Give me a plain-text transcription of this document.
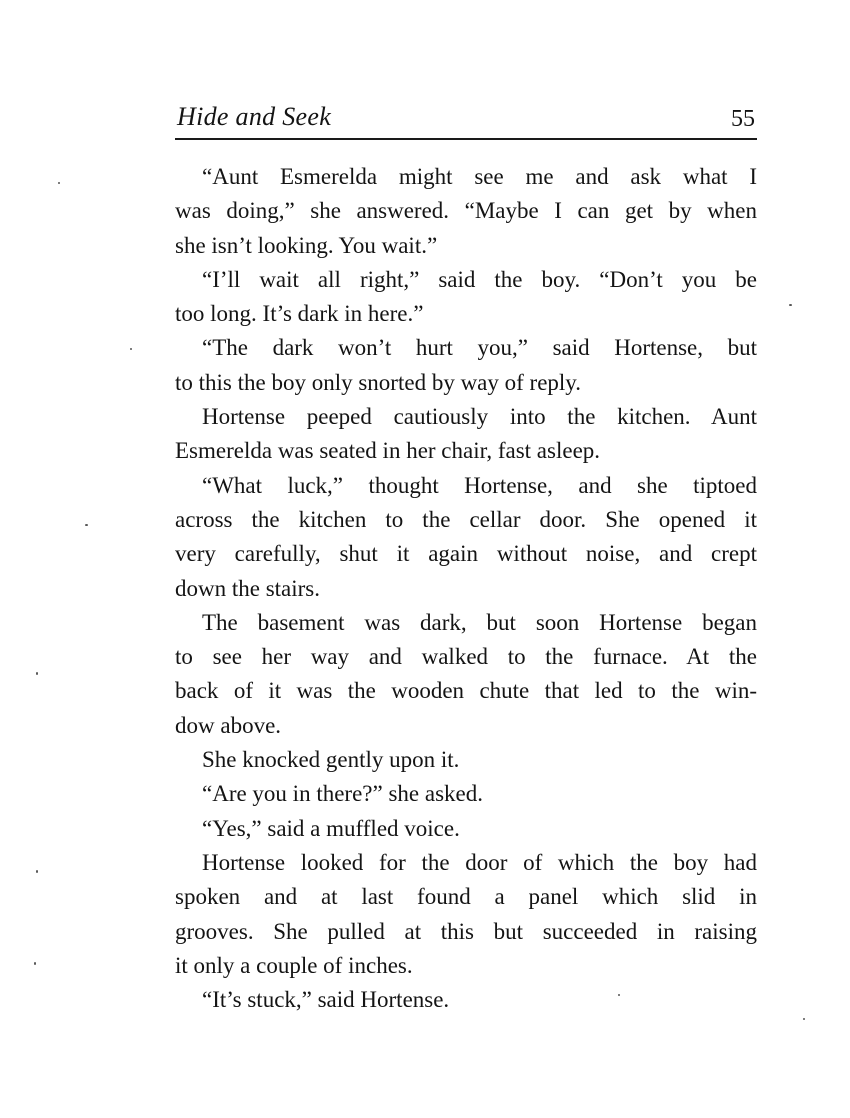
Hide and Seek	55

“Aunt Esmerelda might see me and ask what I
was doing,” she answered. “Maybe I can get by when
she isn’t looking. You wait.”

“I’ll wait all right,” said the boy. “Don’t you be
too long. It’s dark in here.”

“The dark won’t hurt you,” said Hortense, but
to this the boy only snorted by way of reply.

Hortense peeped cautiously into the kitchen. Aunt
Esmerelda was seated in her chair, fast asleep.

“What luck,” thought Hortense, and she tiptoed
across the kitchen to the cellar door. She opened it
very carefully, shut it again without noise, and crept
down the stairs.

The basement was dark, but soon Hortense began
to see her way and walked to the furnace. At the
back of it was the wooden chute that led to the win-
dow above.

She knocked gently upon it.

“Are you in there?” she asked.

“Yes,” said a muffled voice.

Hortense looked for the door of which the boy had
spoken and at last found a panel which slid in
grooves. She pulled at this but succeeded in raising
it only a couple of inches.

“It’s stuck,” said Hortense.
